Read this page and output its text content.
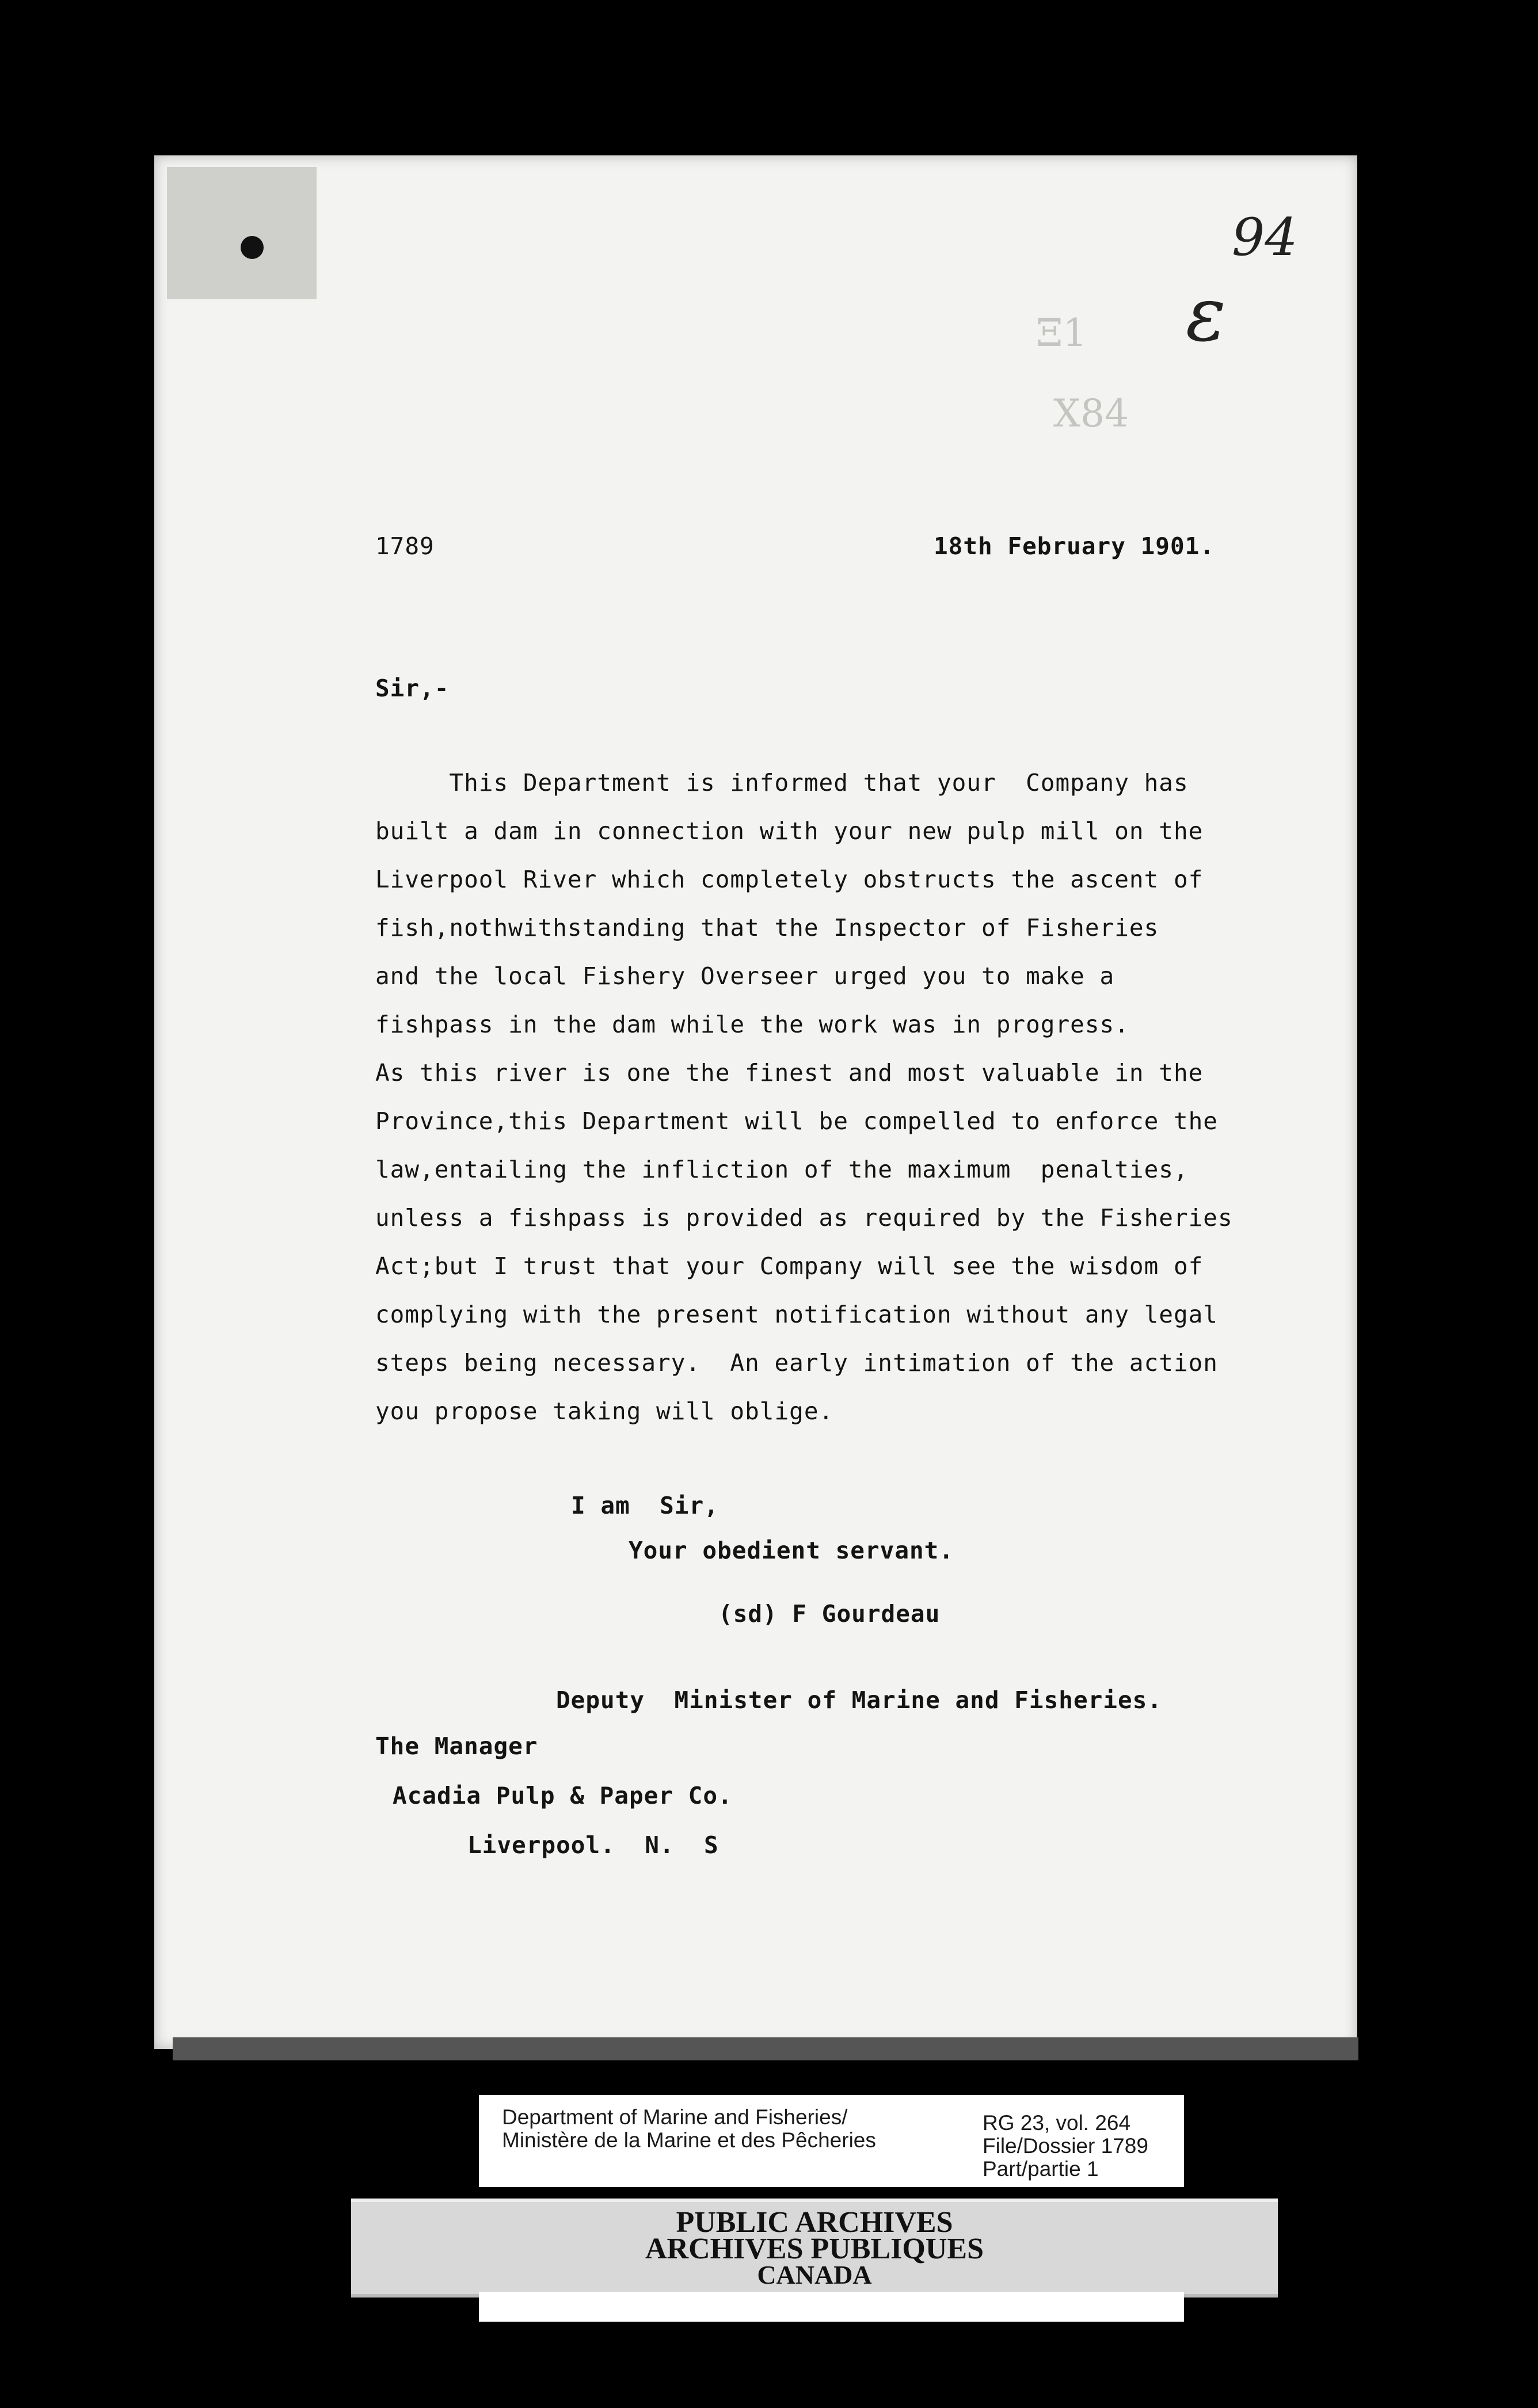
94
ε
Ξ1
X84
1789	18th February 1901.
Sir,-
This Department is informed that your  Company has
built a dam in connection with your new pulp mill on the
Liverpool River which completely obstructs the ascent of
fish,nothwithstanding that the Inspector of Fisheries
and the local Fishery Overseer urged you to make a
fishpass in the dam while the work was in progress.
As this river is one the finest and most valuable in the
Province,this Department will be compelled to enforce the
law,entailing the infliction of the maximum  penalties,
unless a fishpass is provided as required by the Fisheries
Act;but I trust that your Company will see the wisdom of
complying with the present notification without any legal
steps being necessary.  An early intimation of the action
you propose taking will oblige.
I am  Sir,
Your obedient servant.
(sd) F Gourdeau
Deputy  Minister of Marine and Fisheries.
The Manager
Acadia Pulp & Paper Co.
Liverpool.  N.  S
Department of Marine and Fisheries/
Ministère de la Marine et des Pêcheries
RG 23, vol. 264
File/Dossier 1789
Part/partie 1
PUBLIC ARCHIVES
ARCHIVES PUBLIQUES
CANADA
